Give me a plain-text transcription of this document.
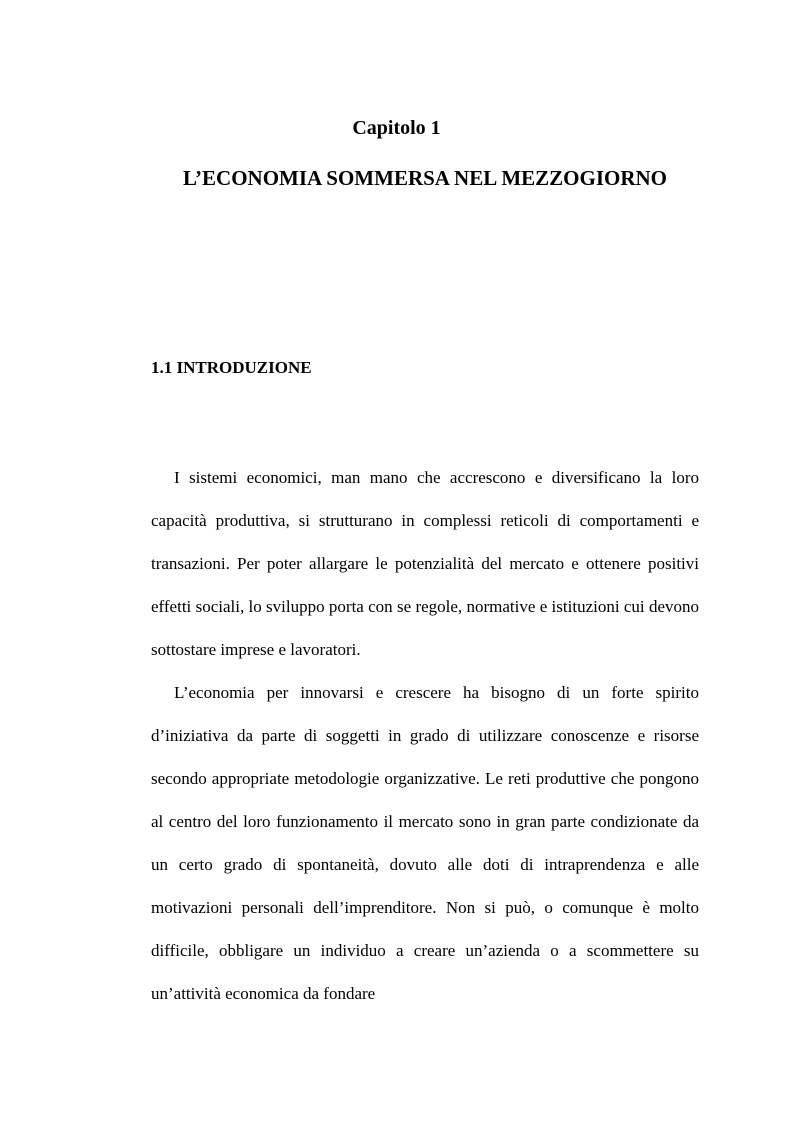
Capitolo 1
L’ECONOMIA SOMMERSA NEL MEZZOGIORNO
1.1 INTRODUZIONE

I sistemi economici, man mano che accrescono e diversificano la loro capacità produttiva, si strutturano in complessi reticoli di comportamenti e transazioni. Per poter allargare le potenzialità del mercato e ottenere positivi effetti sociali, lo sviluppo porta con se regole, normative e istituzioni cui devono sottostare imprese e lavoratori.

L’economia per innovarsi e crescere ha bisogno di un forte spirito d’iniziativa da parte di soggetti in grado di utilizzare conoscenze e risorse secondo appropriate metodologie organizzative. Le reti produttive che pongono al centro del loro funzionamento il mercato sono in gran parte condizionate da un certo grado di spontaneità, dovuto alle doti di intraprendenza e alle motivazioni personali dell’imprenditore. Non si può, o comunque è molto difficile, obbligare un individuo a creare un’azienda o a scommettere su un’attività economica da fondare
